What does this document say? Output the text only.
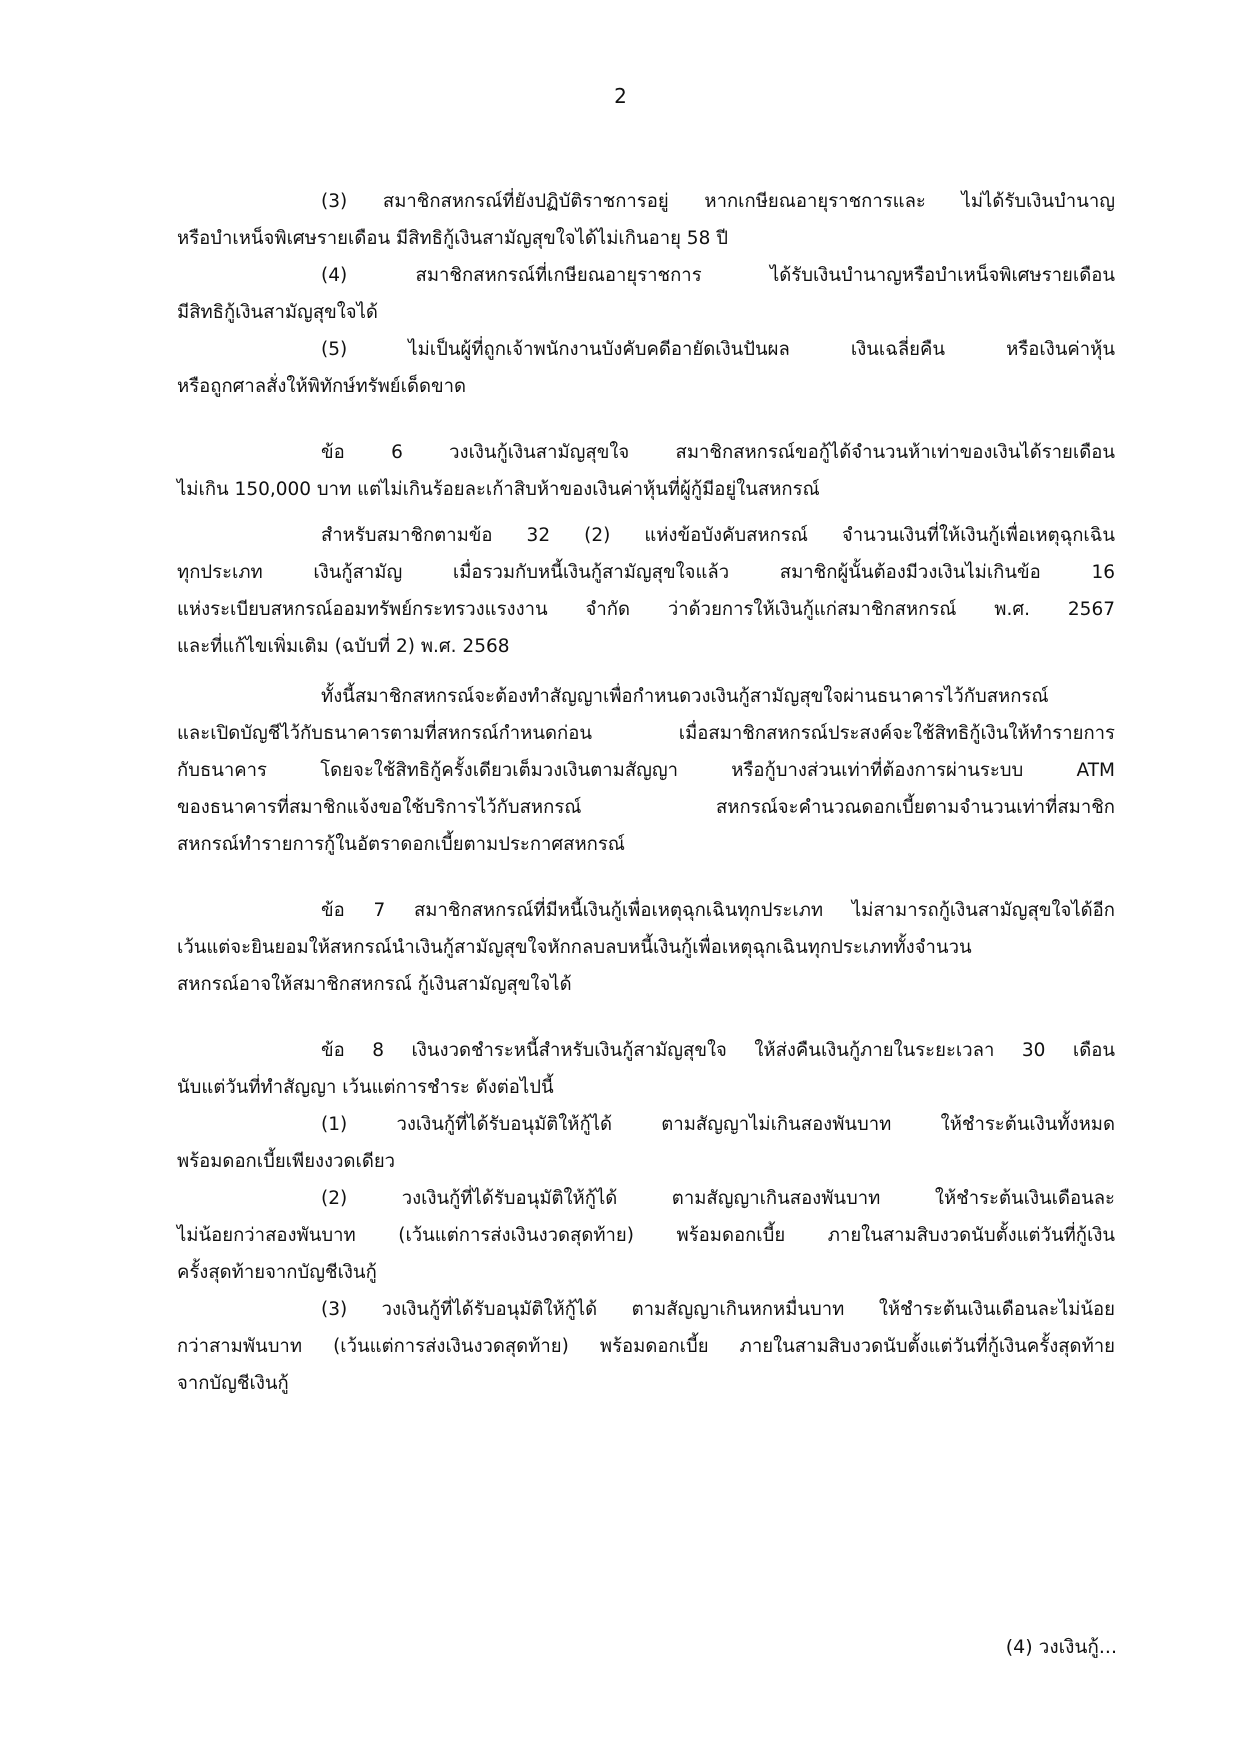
2
(3) สมาชิกสหกรณ์ที่ยังปฏิบัติราชการอยู่ หากเกษียณอายุราชการและ ไม่ได้รับเงินบำนาญ
หรือบำเหน็จพิเศษรายเดือน มีสิทธิกู้เงินสามัญสุขใจได้ไม่เกินอายุ 58 ปี
(4) สมาชิกสหกรณ์ที่เกษียณอายุราชการ ได้รับเงินบำนาญหรือบำเหน็จพิเศษรายเดือน
มีสิทธิกู้เงินสามัญสุขใจได้
(5) ไม่เป็นผู้ที่ถูกเจ้าพนักงานบังคับคดีอายัดเงินปันผล เงินเฉลี่ยคืน หรือเงินค่าหุ้น
หรือถูกศาลสั่งให้พิทักษ์ทรัพย์เด็ดขาด
ข้อ 6 วงเงินกู้เงินสามัญสุขใจ สมาชิกสหกรณ์ขอกู้ได้จำนวนห้าเท่าของเงินได้รายเดือน
ไม่เกิน 150,000 บาท แต่ไม่เกินร้อยละเก้าสิบห้าของเงินค่าหุ้นที่ผู้กู้มีอยู่ในสหกรณ์
สำหรับสมาชิกตามข้อ 32 (2) แห่งข้อบังคับสหกรณ์ จำนวนเงินที่ให้เงินกู้เพื่อเหตุฉุกเฉิน
ทุกประเภท เงินกู้สามัญ เมื่อรวมกับหนี้เงินกู้สามัญสุขใจแล้ว สมาชิกผู้นั้นต้องมีวงเงินไม่เกินข้อ 16
แห่งระเบียบสหกรณ์ออมทรัพย์กระทรวงแรงงาน จำกัด ว่าด้วยการให้เงินกู้แก่สมาชิกสหกรณ์ พ.ศ. 2567
และที่แก้ไขเพิ่มเติม (ฉบับที่ 2) พ.ศ. 2568
ทั้งนี้สมาชิกสหกรณ์จะต้องทำสัญญาเพื่อกำหนดวงเงินกู้สามัญสุขใจผ่านธนาคารไว้กับสหกรณ์
และเปิดบัญชีไว้กับธนาคารตามที่สหกรณ์กำหนดก่อน เมื่อสมาชิกสหกรณ์ประสงค์จะใช้สิทธิกู้เงินให้ทำรายการ
กับธนาคาร โดยจะใช้สิทธิกู้ครั้งเดียวเต็มวงเงินตามสัญญา หรือกู้บางส่วนเท่าที่ต้องการผ่านระบบ ATM
ของธนาคารที่สมาชิกแจ้งขอใช้บริการไว้กับสหกรณ์ สหกรณ์จะคำนวณดอกเบี้ยตามจำนวนเท่าที่สมาชิก
สหกรณ์ทำรายการกู้ในอัตราดอกเบี้ยตามประกาศสหกรณ์
ข้อ 7 สมาชิกสหกรณ์ที่มีหนี้เงินกู้เพื่อเหตุฉุกเฉินทุกประเภท ไม่สามารถกู้เงินสามัญสุขใจได้อีก
เว้นแต่จะยินยอมให้สหกรณ์นำเงินกู้สามัญสุขใจหักกลบลบหนี้เงินกู้เพื่อเหตุฉุกเฉินทุกประเภททั้งจำนวน
สหกรณ์อาจให้สมาชิกสหกรณ์ กู้เงินสามัญสุขใจได้
ข้อ 8 เงินงวดชำระหนี้สำหรับเงินกู้สามัญสุขใจ ให้ส่งคืนเงินกู้ภายในระยะเวลา 30 เดือน
นับแต่วันที่ทำสัญญา เว้นแต่การชำระ ดังต่อไปนี้
(1) วงเงินกู้ที่ได้รับอนุมัติให้กู้ได้ ตามสัญญาไม่เกินสองพันบาท ให้ชำระต้นเงินทั้งหมด
พร้อมดอกเบี้ยเพียงงวดเดียว
(2) วงเงินกู้ที่ได้รับอนุมัติให้กู้ได้ ตามสัญญาเกินสองพันบาท ให้ชำระต้นเงินเดือนละ
ไม่น้อยกว่าสองพันบาท (เว้นแต่การส่งเงินงวดสุดท้าย) พร้อมดอกเบี้ย ภายในสามสิบงวดนับตั้งแต่วันที่กู้เงิน
ครั้งสุดท้ายจากบัญชีเงินกู้
(3) วงเงินกู้ที่ได้รับอนุมัติให้กู้ได้ ตามสัญญาเกินหกหมื่นบาท ให้ชำระต้นเงินเดือนละไม่น้อย
กว่าสามพันบาท (เว้นแต่การส่งเงินงวดสุดท้าย) พร้อมดอกเบี้ย ภายในสามสิบงวดนับตั้งแต่วันที่กู้เงินครั้งสุดท้าย
จากบัญชีเงินกู้
(4) วงเงินกู้...
